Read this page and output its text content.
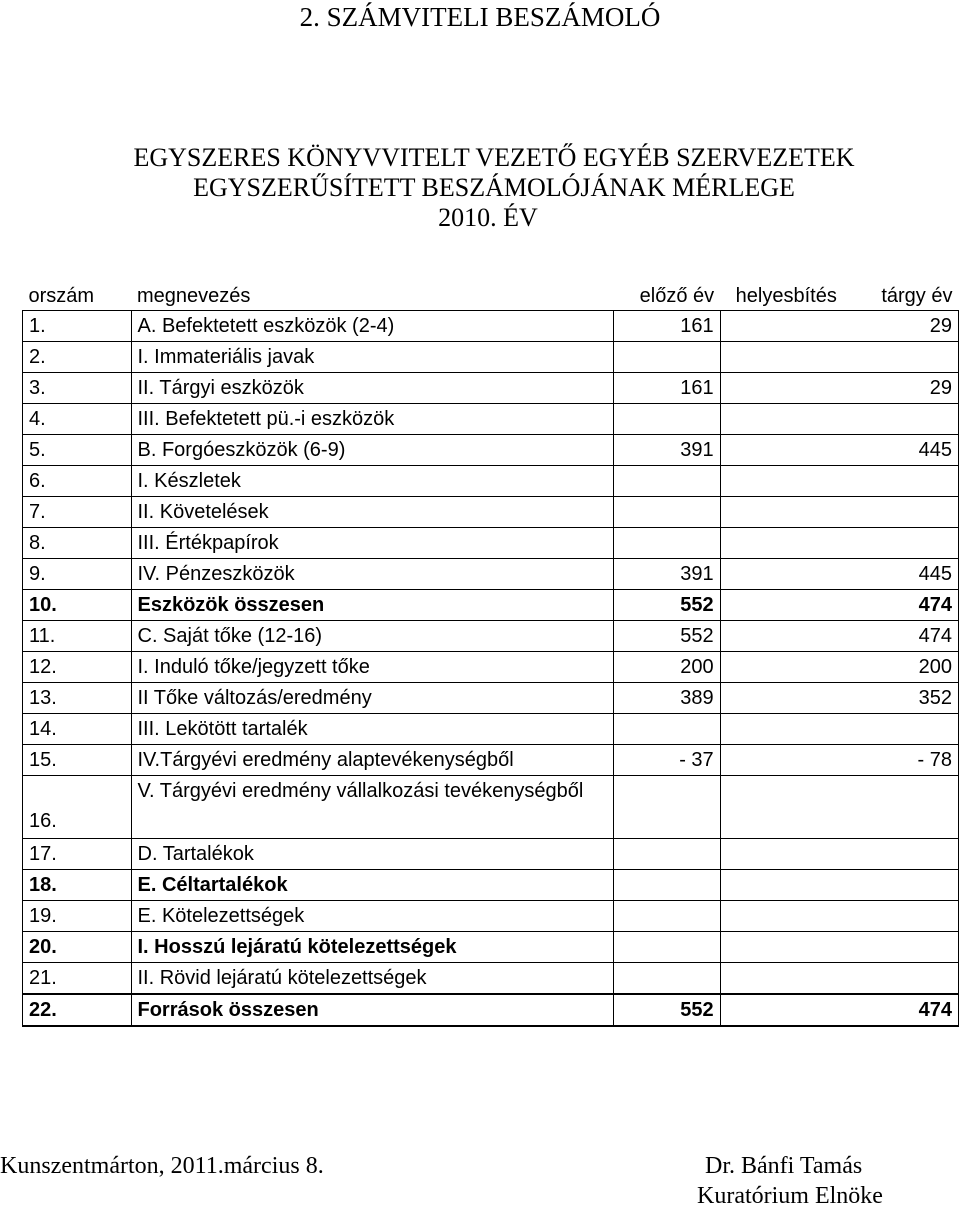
2. SZÁMVITELI BESZÁMOLÓ
EGYSZERES KÖNYVVITELT VEZETŐ EGYÉB SZERVEZETEK
EGYSZERŰSÍTETT BESZÁMOLÓJÁNAK MÉRLEGE
2010. ÉV
orszám	megnevezés	előző év	helyesbítés	tárgy év
1.	A. Befektetett eszközök (2-4)	161		29
2.	I. Immateriális javak			
3.	II. Tárgyi eszközök	161		29
4.	III. Befektetett pü.-i eszközök			
5.	B. Forgóeszközök (6-9)	391		445
6.	I. Készletek			
7.	II. Követelések			
8.	III. Értékpapírok			
9.	IV. Pénzeszközök	391		445
10.	Eszközök összesen	552		474
11.	C. Saját tőke (12-16)	552		474
12.	I. Induló tőke/jegyzett tőke	200		200
13.	II Tőke változás/eredmény	389		352
14.	III. Lekötött tartalék			
15.	IV.Tárgyévi eredmény alaptevékenységből	- 37		- 78
16.	V. Tárgyévi eredmény vállalkozási tevékenységből			
17.	D. Tartalékok			
18.	E. Céltartalékok			
19.	E. Kötelezettségek			
20.	I. Hosszú lejáratú kötelezettségek			
21.	II. Rövid lejáratú kötelezettségek			
22.	Források összesen	552		474
Kunszentmárton, 2011.március 8.	Dr. Bánfi Tamás
Kuratórium Elnöke
